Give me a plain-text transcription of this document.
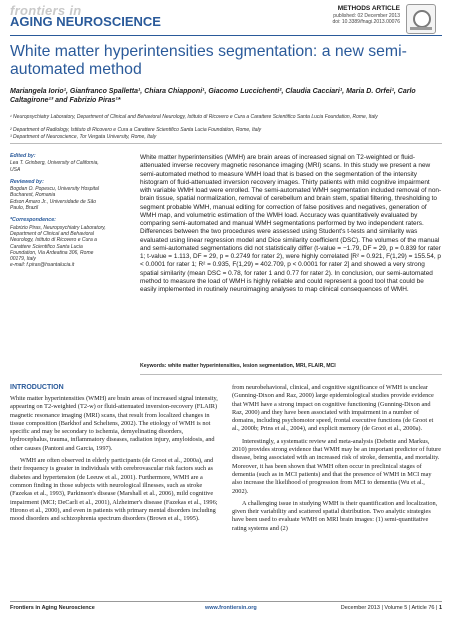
frontiers in
AGING NEUROSCIENCE
METHODS ARTICLE
published: 02 December 2013
doi: 10.3389/fnagi.2013.00076
White matter hyperintensities segmentation: a new semi-automated method
Mariangela Iorio¹, Gianfranco Spalletta¹, Chiara Chiapponi¹, Giacomo Luccichenti², Claudia Cacciari¹, Maria D. Orfei¹, Carlo Caltagirone¹³ and Fabrizio Piras¹*
¹ Neuropsychiatry Laboratory, Department of Clinical and Behavioral Neurology, Istituto di Ricovero e Cura a Carattere Scientifico Santa Lucia Foundation, Rome, Italy
² Department of Radiology, Istituto di Ricovero e Cura a Carattere Scientifico Santa Lucia Foundation, Rome, Italy
³ Department of Neuroscience, Tor Vergata University, Rome, Italy
Edited by:
Lea T. Grinberg, University of California, USA
Reviewed by:
Bogdan O. Popescu, University Hospital Bucharest, Romania
Edson Amaro Jr., Universidade de São Paulo, Brazil
*Correspondence:
Fabrizio Piras, Neuropsychiatry Laboratory, Department of Clinical and Behavioral Neurology, Istituto di Ricovero e Cura a Carattere Scientifico Santa Lucia Foundation, Via Ardeatina 306, Rome 00179, Italy
e-mail: f.piras@hsantalucia.it
White matter hyperintensities (WMH) are brain areas of increased signal on T2-weighted or fluid-attenuated inverse recovery magnetic resonance imaging (MRI) scans. In this study we present a new semi-automated method to measure WMH load that is based on the segmentation of the intensity histogram of fluid-attenuated inversion recovery images. Thirty patients with mild cognitive impairment with variable WMH load were enrolled. The semi-automated WMH segmentation included removal of non-brain tissue, spatial normalization, removal of cerebellum and brain stem, spatial filtering, thresholding to segment probable WMH, manual editing for correction of false positives and negatives, generation of WMH map, and volumetric estimation of the WMH load. Accuracy was quantitatively evaluated by comparing semi-automated and manual WMH segmentations performed by two independent raters. Differences between the two procedures were assessed using Student's t-tests and similarity was evaluated using linear regression model and Dice similarity coefficient (DSC). The volumes of the manual and semi-automated segmentations did not statistically differ (t-value = −1.79, DF = 29, p = 0.839 for rater 1; t-value = 1.113, DF = 29, p = 0.2749 for rater 2), were highly correlated [R² = 0.921, F(1,29) = 155.54, p < 0.0001 for rater 1; R² = 0.935, F(1,29) = 402.709, p < 0.0001 for rater 2] and showed a very strong spatial similarity (mean DSC = 0.78, for rater 1 and 0.77 for rater 2). In conclusion, our semi-automated method to measure the load of WMH is highly reliable and could represent a good tool that could be easily implemented in routinely neuroimaging analyses to map clinical consequences of WMH.
Keywords: white matter hyperintensities, lesion segmentation, MRI, FLAIR, MCI
INTRODUCTION

White matter hyperintensities (WMH) are brain areas of increased signal intensity, appearing on T2-weighted (T2-w) or fluid-attenuated inversion-recovery (FLAIR) magnetic resonance imaging (MRI) scans, that result from localized changes in tissue composition (Barkhof and Scheltens, 2002). The etiology of WMH is not specific and may be secondary to ischemia, demyelinating disorders, hydrocephalus, trauma, inflammatory diseases, radiation injury, amyloidosis, and other causes (Pantoni and Garcia, 1997).

WMH are often observed in elderly participants (de Groot et al., 2000a), and their frequency is greater in individuals with cerebrovascular risk factors such as diabetes and hypertension (de Leeuw et al., 2001). Furthermore, WMH are a common finding in those subjects with neurological illnesses, such as stroke (Fazekas et al., 1993), Parkinson's disease (Marshall et al., 2006), mild cognitive impairment (MCI; DeCarli et al., 2001), Alzheimer's disease (Fazekas et al., 1996; Hirono et al., 2000), and even in patients with primary mental disorders including mood disorders and schizophrenia spectrum disorders (Brown et al., 1995).

from neurobehavioral, clinical, and cognitive significance of WMH is unclear (Gunning-Dixon and Raz, 2000) large epidemiological studies provide evidence that WMH have a strong impact on cognitive functioning (Gunning-Dixon and Raz, 2000) and they have been associated with impairment in a number of domains, including psychomotor speed, frontal executive functions (de Groot et al., 2000b; Prins et al., 2004), and explicit memory (de Groot et al., 2000a).

Interestingly, a systematic review and meta-analysis (Debette and Markus, 2010) provides strong evidence that WMH may be an important predictor of future disease, being associated with an increased risk of stroke, dementia, and mortality. Moreover, it has been shown that WMH often occur in preclinical stages of dementia (such as in MCI patients) and that the presence of WMH in MCI may also increase the likelihood of progression from MCI to dementia (Wu et al., 2002).

A challenging issue in studying WMH is their quantification and localization, given their variability and scattered spatial distribution. Two analytic strategies have been used to evaluate WMH on MRI brain images: (1) semi-quantitative rating systems and (2)

Frontiers in Aging Neuroscience	www.frontiersin.org	December 2013 | Volume 5 | Article 76 | 1
